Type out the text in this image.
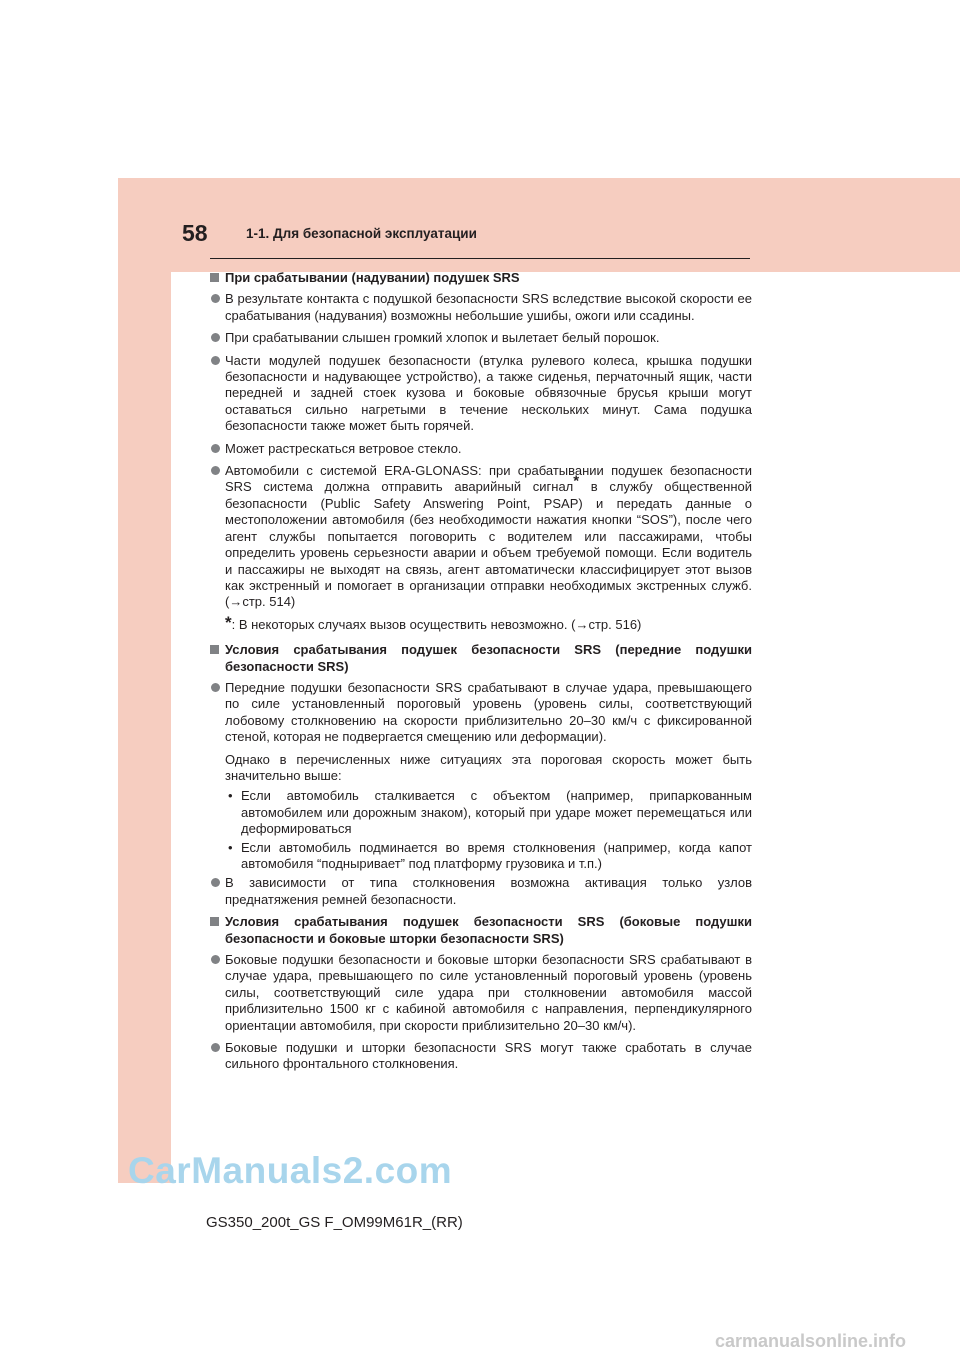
58	1-1. Для безопасной эксплуатации
При срабатывании (надувании) подушек SRS
В результате контакта с подушкой безопасности SRS вследствие высокой скорости ее срабатывания (надувания) возможны небольшие ушибы, ожоги или ссадины.
При срабатывании слышен громкий хлопок и вылетает белый порошок.
Части модулей подушек безопасности (втулка рулевого колеса, крышка подушки безопасности и надувающее устройство), а также сиденья, перчаточный ящик, части передней и задней стоек кузова и боковые обвязочные брусья крыши могут оставаться сильно нагретыми в течение нескольких минут. Сама подушка безопасности также может быть горячей.
Может растрескаться ветровое стекло.
Автомобили с системой ERA-GLONASS: при срабатывании подушек безопасности SRS система должна отправить аварийный сигнал* в службу общественной безопасности (Public Safety Answering Point, PSAP) и передать данные о местоположении автомобиля (без необходимости нажатия кнопки “SOS”), после чего агент службы попытается поговорить с водителем или пассажирами, чтобы определить уровень серьезности аварии и объем требуемой помощи. Если водитель и пассажиры не выходят на связь, агент автоматически классифицирует этот вызов как экстренный и помогает в организации отправки необходимых экстренных служб. (→стр. 514)
*: В некоторых случаях вызов осуществить невозможно. (→стр. 516)
Условия срабатывания подушек безопасности SRS (передние подушки безопасности SRS)
Передние подушки безопасности SRS срабатывают в случае удара, превышающего по силе установленный пороговый уровень (уровень силы, соответствующий лобовому столкновению на скорости приблизительно 20–30 км/ч с фиксированной стеной, которая не подвергается смещению или деформации).
Однако в перечисленных ниже ситуациях эта пороговая скорость может быть значительно выше:
• Если автомобиль сталкивается с объектом (например, припаркованным автомобилем или дорожным знаком), который при ударе может перемещаться или деформироваться
• Если автомобиль подминается во время столкновения (например, когда капот автомобиля “подныривает” под платформу грузовика и т.п.)
В зависимости от типа столкновения возможна активация только узлов преднатяжения ремней безопасности.
Условия срабатывания подушек безопасности SRS (боковые подушки безопасности и боковые шторки безопасности SRS)
Боковые подушки безопасности и боковые шторки безопасности SRS срабатывают в случае удара, превышающего по силе установленный пороговый уровень (уровень силы, соответствующий силе удара при столкновении автомобиля массой приблизительно 1500 кг с кабиной автомобиля с направления, перпендикулярного ориентации автомобиля, при скорости приблизительно 20–30 км/ч).
Боковые подушки и шторки безопасности SRS могут также сработать в случае сильного фронтального столкновения.
CarManuals2.com
GS350_200t_GS F_OM99M61R_(RR)
carmanualsonline.info
